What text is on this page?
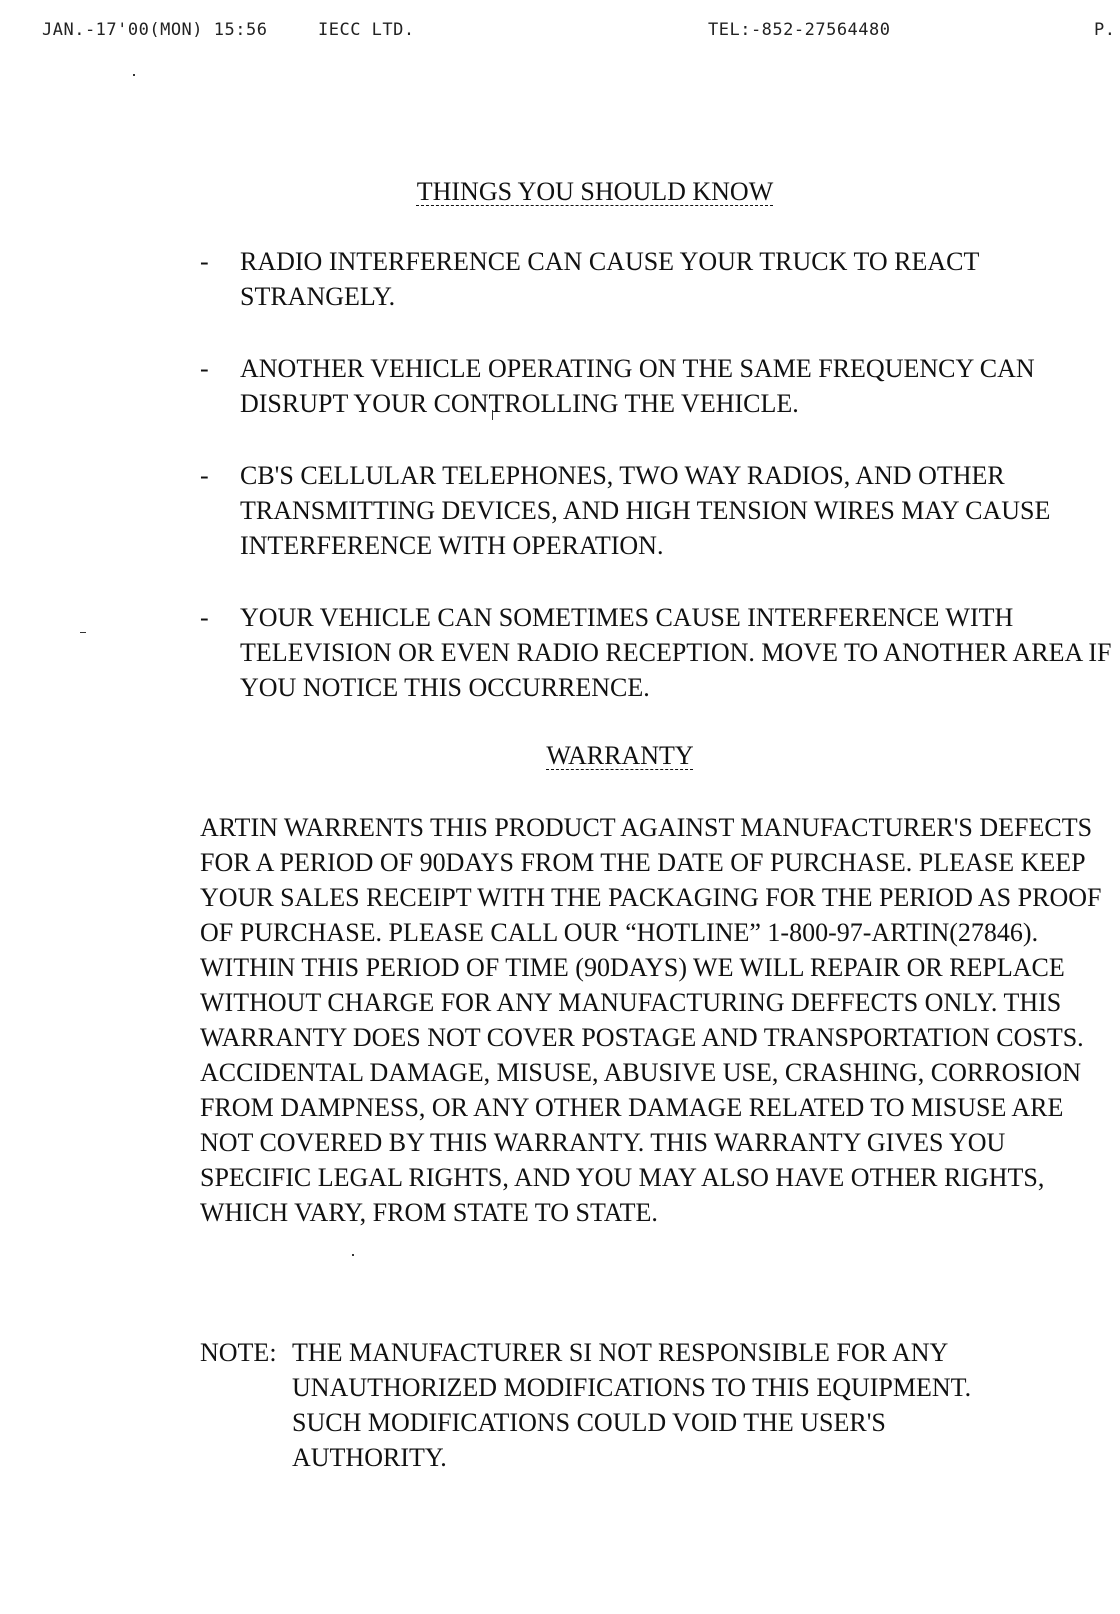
JAN.-17'00(MON) 15:56	IECC LTD.	TEL:-852-27564480	P.
THINGS YOU SHOULD KNOW
- RADIO INTERFERENCE CAN CAUSE YOUR TRUCK TO REACT STRANGELY.
- ANOTHER VEHICLE OPERATING ON THE SAME FREQUENCY CAN DISRUPT YOUR CONTROLLING THE VEHICLE.
- CB'S CELLULAR TELEPHONES, TWO WAY RADIOS, AND OTHER TRANSMITTING DEVICES, AND HIGH TENSION WIRES MAY CAUSE INTERFERENCE WITH OPERATION.
- YOUR VEHICLE CAN SOMETIMES CAUSE INTERFERENCE WITH TELEVISION OR EVEN RADIO RECEPTION. MOVE TO ANOTHER AREA IF YOU NOTICE THIS OCCURRENCE.
WARRANTY

ARTIN WARRENTS THIS PRODUCT AGAINST MANUFACTURER'S DEFECTS FOR A PERIOD OF 90DAYS FROM THE DATE OF PURCHASE. PLEASE KEEP YOUR SALES RECEIPT WITH THE PACKAGING FOR THE PERIOD AS PROOF OF PURCHASE. PLEASE CALL OUR “HOTLINE” 1-800-97-ARTIN(27846). WITHIN THIS PERIOD OF TIME (90DAYS) WE WILL REPAIR OR REPLACE WITHOUT CHARGE FOR ANY MANUFACTURING DEFFECTS ONLY. THIS WARRANTY DOES NOT COVER POSTAGE AND TRANSPORTATION COSTS. ACCIDENTAL DAMAGE, MISUSE, ABUSIVE USE, CRASHING, CORROSION FROM DAMPNESS, OR ANY OTHER DAMAGE RELATED TO MISUSE ARE NOT COVERED BY THIS WARRANTY. THIS WARRANTY GIVES YOU SPECIFIC LEGAL RIGHTS, AND YOU MAY ALSO HAVE OTHER RIGHTS, WHICH VARY, FROM STATE TO STATE.

NOTE: THE MANUFACTURER SI NOT RESPONSIBLE FOR ANY UNAUTHORIZED MODIFICATIONS TO THIS EQUIPMENT. SUCH MODIFICATIONS COULD VOID THE USER'S AUTHORITY.
